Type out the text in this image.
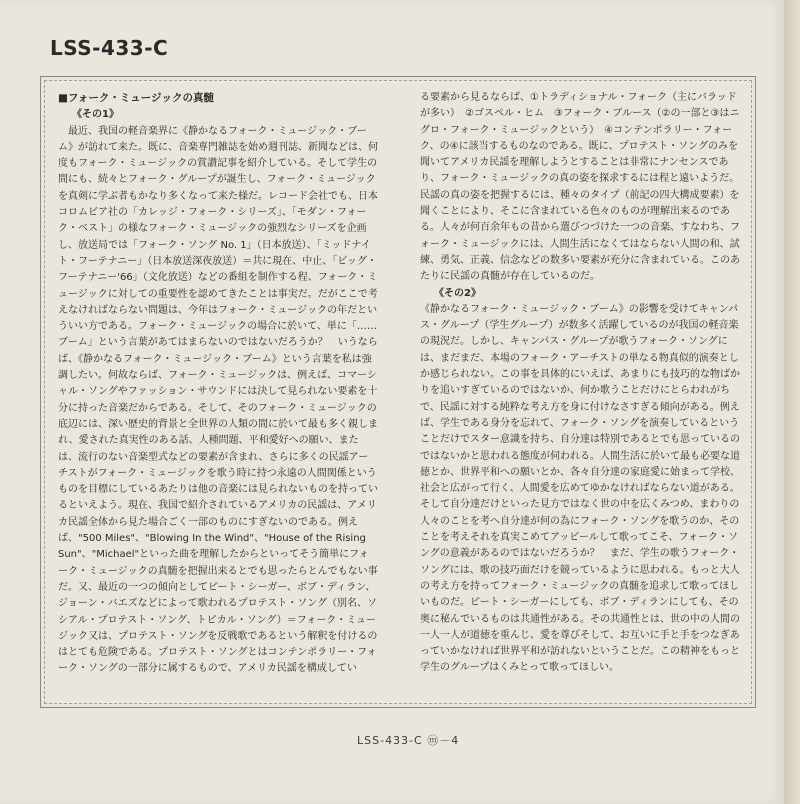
LSS-433-C

■フォーク・ミュージックの真髄

《その1》

　最近、我国の軽音楽界に《静かなるフォーク・ミュージック・ブーム》が訪れて来た。既に、音楽専門雑誌を始め週刊誌、新聞などは、何度もフォーク・ミュージックの賞讃記事を紹介している。そして学生の間にも、続々とフォーク・グループが誕生し、フォーク・ミュージックを真剣に学ぶ者もかなり多くなって来た様だ。レコード会社でも、日本コロムビア社の「カレッジ・フォーク・シリーズ」、「モダン・フォーク・ベスト」の様なフォーク・ミュージックの強烈なシリーズを企画し、放送局では「フォーク・ソング No. 1」（日本放送）、「ミッドナイト・フーテナニー」（日本放送深夜放送）＝共に現在、中止、「ビッグ・フーテナニー'66」（文化放送）などの番組を制作する程、フォーク・ミュージックに対しての重要性を認めてきたことは事実だ。だがここで考えなければならない問題は、今年はフォーク・ミュージックの年だといういい方である。フォーク・ミュージックの場合に於いて、単に「……ブーム」という言葉があてはまらないのではないだろうか？　いうならば、《静かなるフォーク・ミュージック・ブーム》という言葉を私は強調したい。何故ならば、フォーク・ミュージックは、例えば、コマーシャル・ソングやファッション・サウンドには決して見られない要素を十分に持った音楽だからである。そして、そのフォーク・ミュージックの底辺には、深い歴史的背景と全世界の人類の間に於いて最も多く親しまれ、愛された真実性のある話、人種問題、平和愛好への願い、または、流行のない音楽型式などの要素が含まれ、さらに多くの民謡アーチストがフォーク・ミュージックを歌う時に持つ永遠の人間関係というものを目標にしているあたりは他の音楽には見られないものを持っているといえよう。現在、我国で紹介されているアメリカの民謡は、アメリカ民謡全体から見た場合ごく一部のものにすぎないのである。例えば、"500 Miles"、"Blowing In the Wind"、"House of the Rising Sun"、"Michael"といった曲を理解したからといってそう簡単にフォーク・ミュージックの真髄を把握出来るとでも思ったらとんでもない事だ。又、最近の一つの傾向としてピート・シーガー、ボブ・ディラン、ジョーン・バエズなどによって歌われるプロテスト・ソング（別名、ソシアル・プロテスト・ソング、トピカル・ソング）＝フォーク・ミュージック又は、プロテスト・ソングを反戦歌であるという解釈を付けるのはとても危険である。プロテスト・ソングとはコンテンポラリー・フォーク・ソングの一部分に属するもので、アメリカ民謡を構成してい

る要素から見るならば、①トラディショナル・フォーク（主にバラッドが多い）　②ゴスペル・ヒム　③フォーク・ブルース（②の一部と③はニグロ・フォーク・ミュージックという）　④コンテンポラリー・フォーク、の④に該当するものなのである。既に、プロテスト・ソングのみを聞いてアメリカ民謡を理解しようとすることは非常にナンセンスであり、フォーク・ミュージックの真の姿を探求するには程と遠いようだ。民謡の真の姿を把握するには、種々のタイプ（前記の四大構成要素）を聞くことにより、そこに含まれている色々のものが理解出来るのである。人々が何百余年もの昔から選びつづけた一つの音楽、すなわち、フォーク・ミュージックには、人間生活になくてはならない人間の和、試練、勇気、正義、信念などの数多い要素が充分に含まれている。このあたりに民謡の真髄が存在しているのだ。

《その2》

《静かなるフォーク・ミュージック・ブーム》の影響を受けてキャンパス・グループ（学生グループ）が数多く活躍しているのが我国の軽音楽の現況だ。しかし、キャンパス・グループが歌うフォーク・ソングには、まだまだ、本場のフォーク・アーチストの単なる物真似的演奏としか感じられない。この事を具体的にいえば、あまりにも技巧的な物ばかりを追いすぎているのではないか、何か歌うことだけにとらわれがちで、民謡に対する純粋な考え方を身に付けなさすぎる傾向がある。例えば、学生である身分を忘れて、フォーク・ソングを演奏しているということだけでスター意識を持ち、自分達は特別であるとでも思っているのではないかと思われる態度が伺われる。人間生活に於いて最も必要な道徳とか、世界平和への願いとか、各々自分達の家庭愛に始まって学校、社会と広がって行く、人間愛を広めてゆかなければならない道がある。そして自分達だけといった見方ではなく世の中を広くみつめ、まわりの人々のことを考へ自分達が何の為にフォーク・ソングを歌うのか、そのことを考えそれを真実こめてアッピールして歌ってこそ、フォーク・ソングの意義があるのではないだろうか？　まだ、学生の歌うフォーク・ソングには、歌の技巧面だけを競っているように思われる。もっと大人の考え方を持ってフォーク・ミュージックの真髄を追求して歌ってほしいものだ。ピート・シーガーにしても、ボブ・ディランにしても、その奥に秘んでいるものは共通性がある。その共通性とは、世の中の人間の一人一人が道徳を重んじ、愛を尊びそして、お互いに手と手をつなぎあっていかなければ世界平和が訪れないということだ。この精神をもっと学生のグループはくみとって歌ってほしい。

LSS-433-C ⓜ－4
